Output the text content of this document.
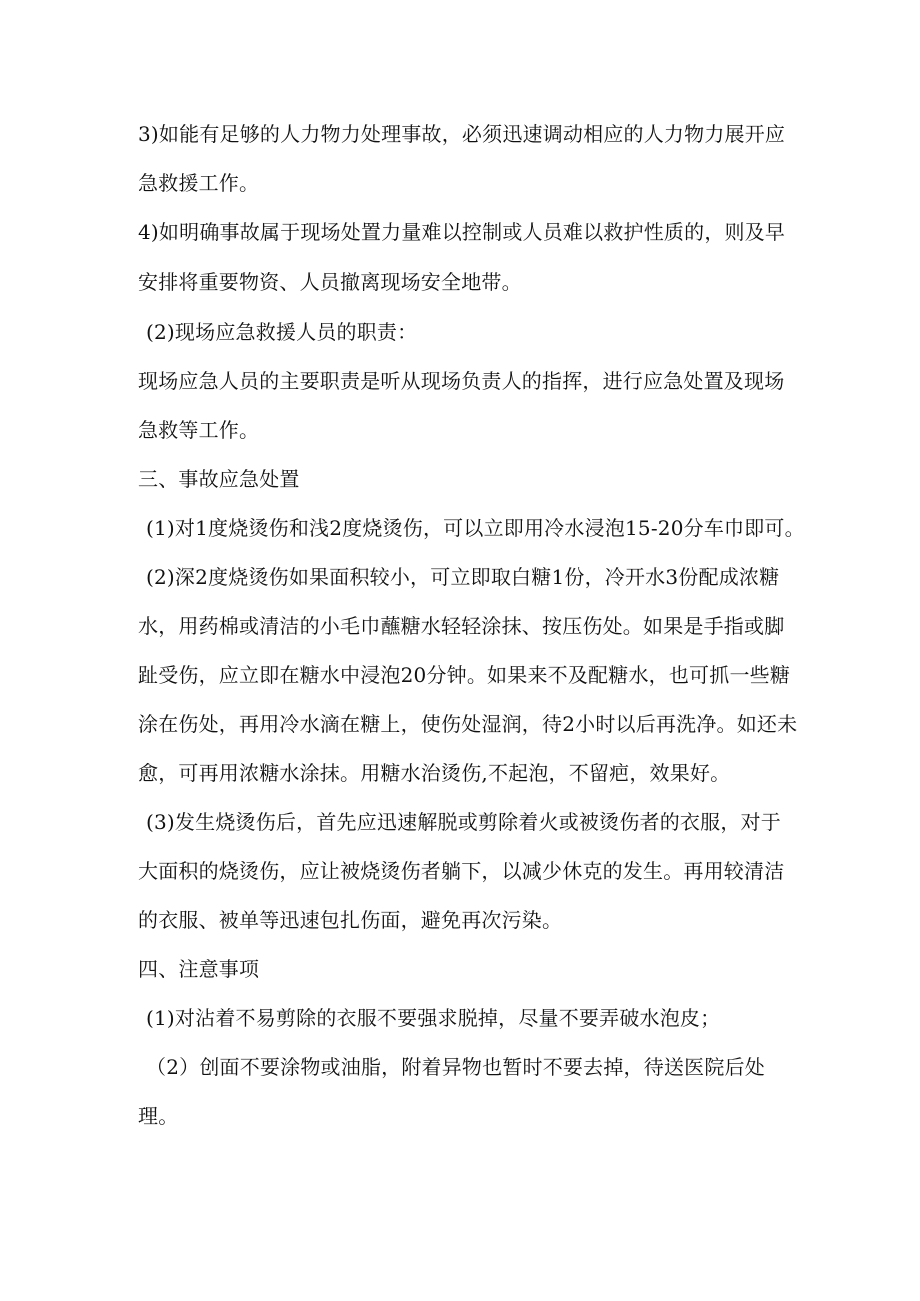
3)如能有足够的人力物力处理事故，必须迅速调动相应的人力物力展开应
急救援工作。
4)如明确事故属于现场处置力量难以控制或人员难以救护性质的，则及早
安排将重要物资、人员撤离现场安全地带。
(2)现场应急救援人员的职责：
现场应急人员的主要职责是听从现场负责人的指挥，进行应急处置及现场
急救等工作。
三、事故应急处置
(1)对1度烧烫伤和浅2度烧烫伤，可以立即用冷水浸泡15-20分车巾即可。
(2)深2度烧烫伤如果面积较小，可立即取白糖1份，冷开水3份配成浓糖
水，用药棉或清洁的小毛巾蘸糖水轻轻涂抹、按压伤处。如果是手指或脚
趾受伤，应立即在糖水中浸泡20分钟。如果来不及配糖水，也可抓一些糖
涂在伤处，再用冷水滴在糖上，使伤处湿润，待2小时以后再洗净。如还未
愈，可再用浓糖水涂抹。用糖水治烫伤,不起泡，不留疤，效果好。
(3)发生烧烫伤后，首先应迅速解脱或剪除着火或被烫伤者的衣服，对于
大面积的烧烫伤，应让被烧烫伤者躺下，以减少休克的发生。再用较清洁
的衣服、被单等迅速包扎伤面，避免再次污染。
四、注意事项
(1)对沾着不易剪除的衣服不要强求脱掉，尽量不要弄破水泡皮；
（2）创面不要涂物或油脂，附着异物也暂时不要去掉，待送医院后处
理。
